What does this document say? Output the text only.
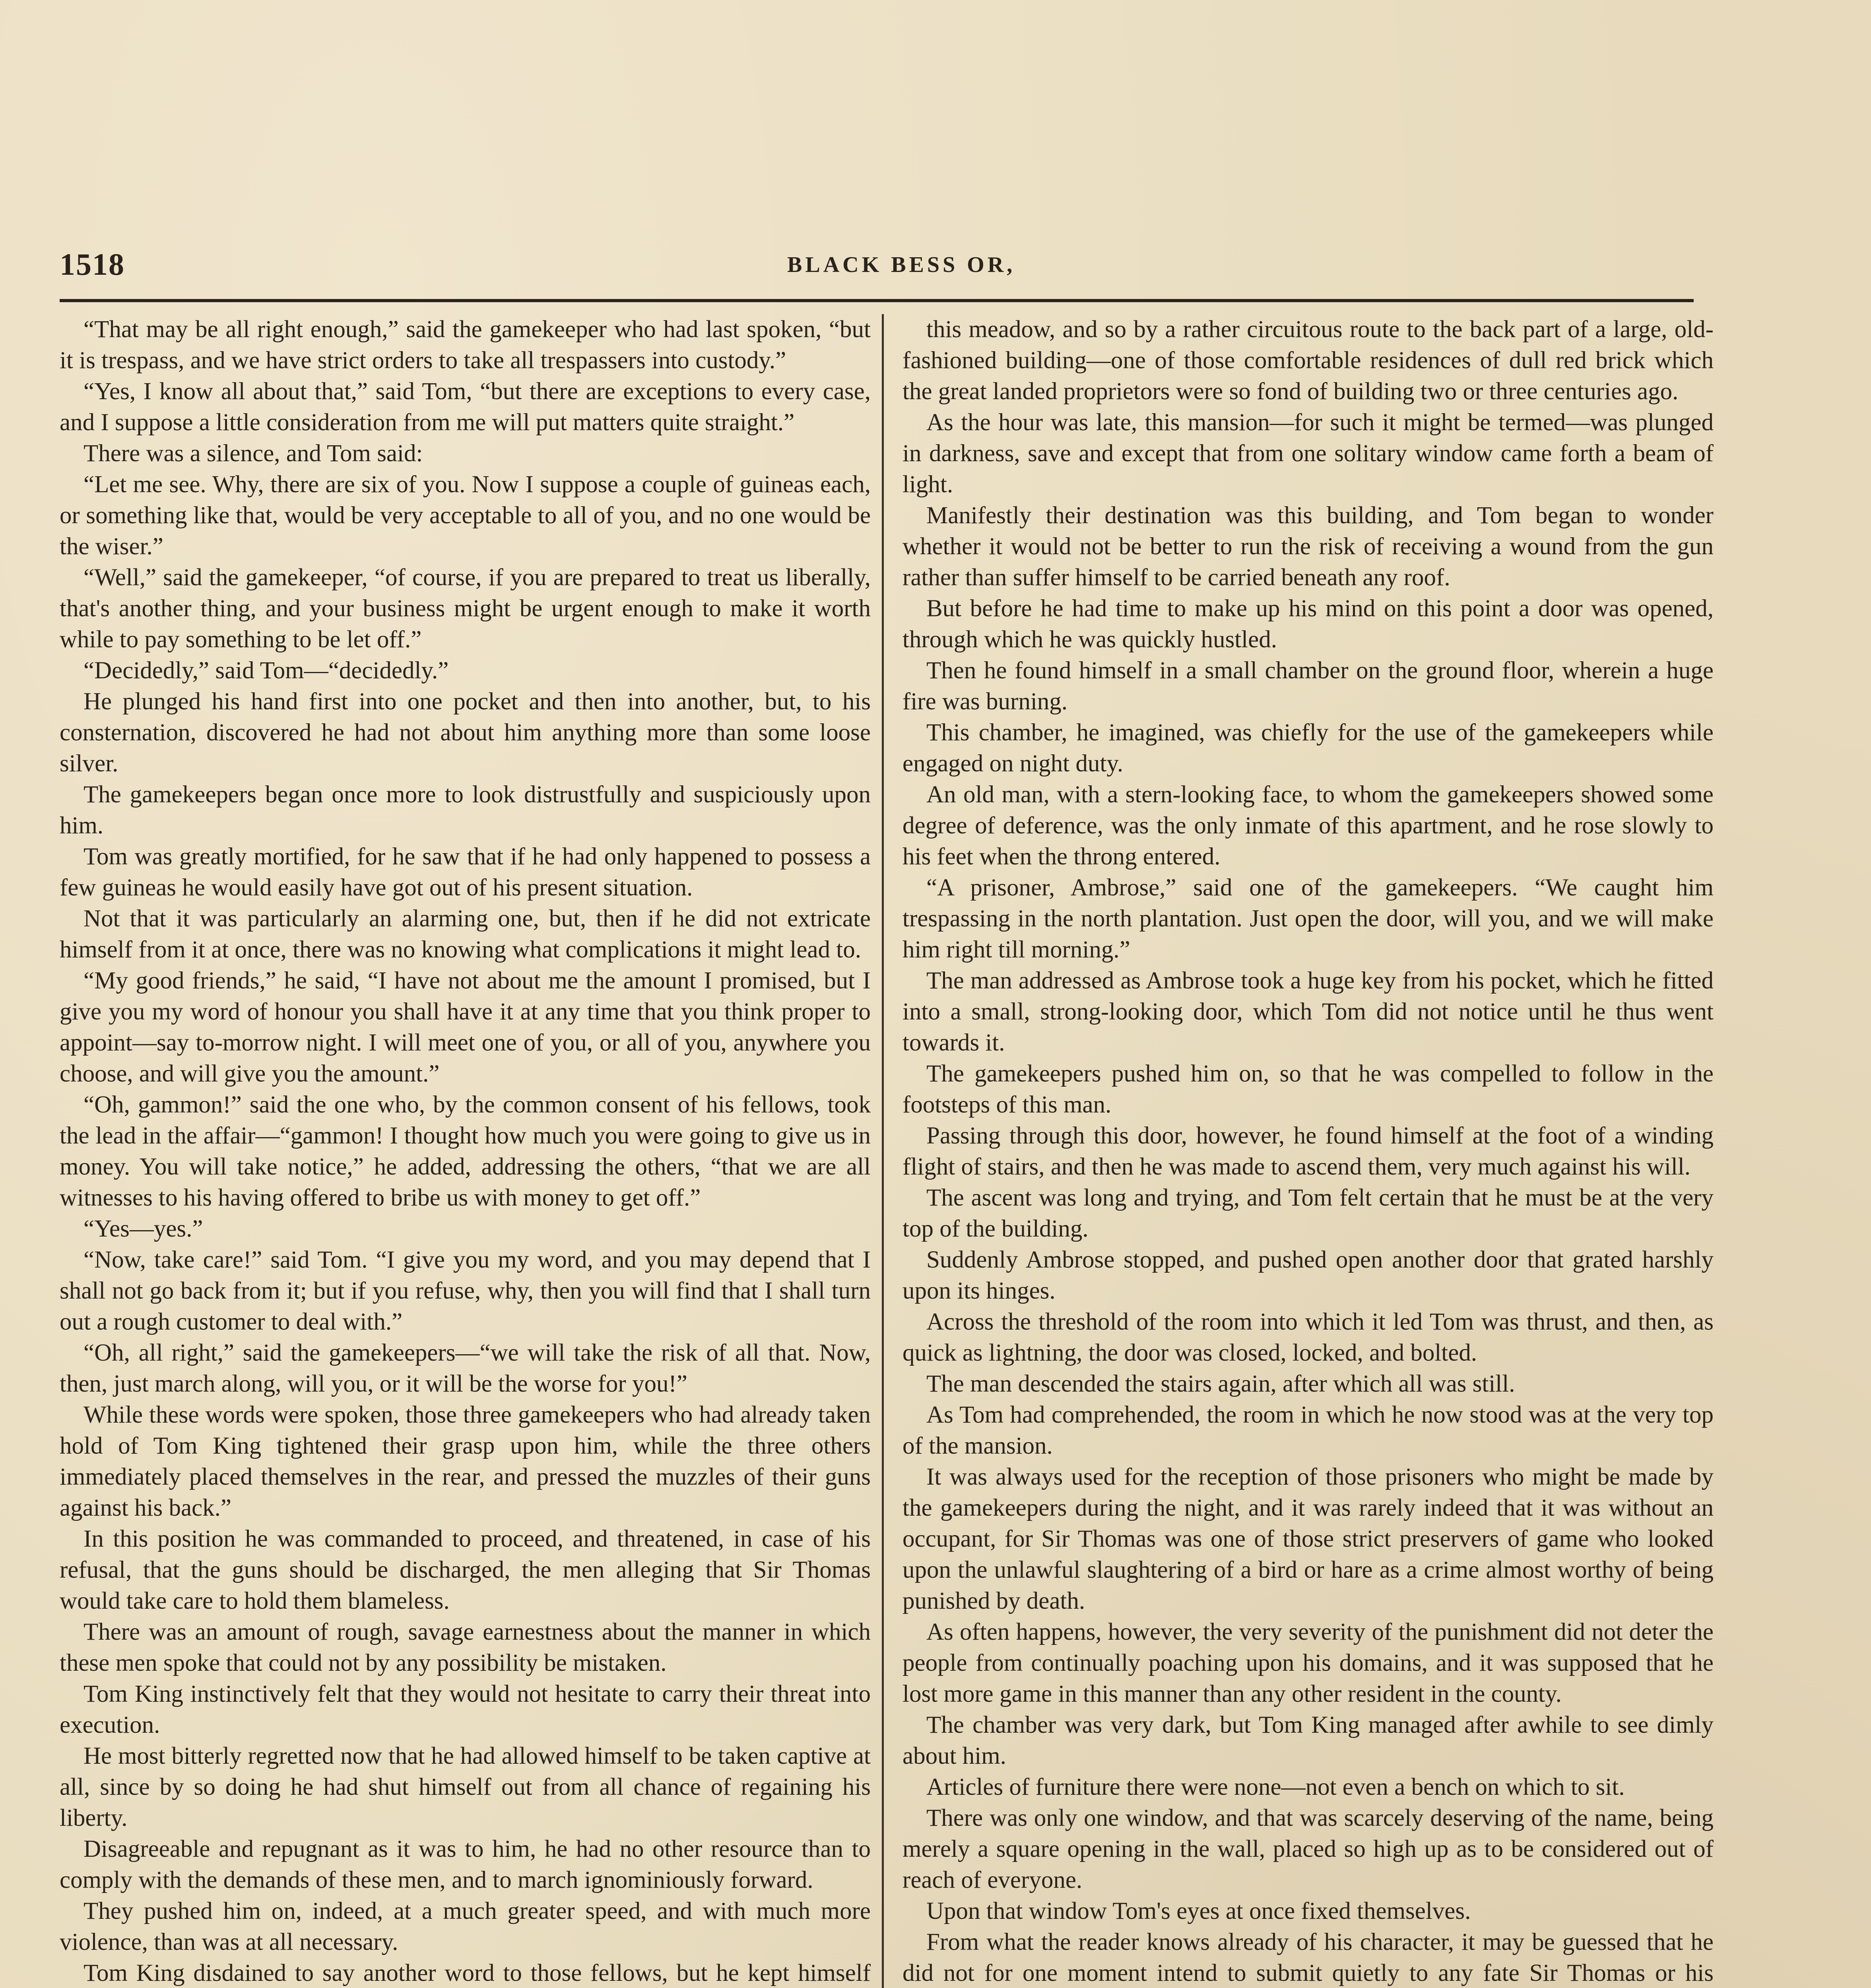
1518	BLACK BESS OR,

“That may be all right enough,” said the gamekeeper who had last spoken, “but it is trespass, and we have strict orders to take all trespassers into custody.”

“Yes, I know all about that,” said Tom, “but there are exceptions to every case, and I suppose a little consideration from me will put matters quite straight.”

There was a silence, and Tom said:

“Let me see. Why, there are six of you. Now I suppose a couple of guineas each, or something like that, would be very acceptable to all of you, and no one would be the wiser.”

“Well,” said the gamekeeper, “of course, if you are prepared to treat us liberally, that's another thing, and your business might be urgent enough to make it worth while to pay something to be let off.”

“Decidedly,” said Tom—“decidedly.”

He plunged his hand first into one pocket and then into another, but, to his consternation, discovered he had not about him anything more than some loose silver.

The gamekeepers began once more to look distrustfully and suspiciously upon him.

Tom was greatly mortified, for he saw that if he had only happened to possess a few guineas he would easily have got out of his present situation.

Not that it was particularly an alarming one, but, then if he did not extricate himself from it at once, there was no knowing what complications it might lead to.

“My good friends,” he said, “I have not about me the amount I promised, but I give you my word of honour you shall have it at any time that you think proper to appoint—say to-morrow night. I will meet one of you, or all of you, anywhere you choose, and will give you the amount.”

“Oh, gammon!” said the one who, by the common consent of his fellows, took the lead in the affair—“gammon! I thought how much you were going to give us in money. You will take notice,” he added, addressing the others, “that we are all witnesses to his having offered to bribe us with money to get off.”

“Yes—yes.”

“Now, take care!” said Tom. “I give you my word, and you may depend that I shall not go back from it; but if you refuse, why, then you will find that I shall turn out a rough customer to deal with.”

“Oh, all right,” said the gamekeepers—“we will take the risk of all that. Now, then, just march along, will you, or it will be the worse for you!”

While these words were spoken, those three gamekeepers who had already taken hold of Tom King tightened their grasp upon him, while the three others immediately placed themselves in the rear, and pressed the muzzles of their guns against his back.”

In this position he was commanded to proceed, and threatened, in case of his refusal, that the guns should be discharged, the men alleging that Sir Thomas would take care to hold them blameless.

There was an amount of rough, savage earnestness about the manner in which these men spoke that could not by any possibility be mistaken.

Tom King instinctively felt that they would not hesitate to carry their threat into execution.

He most bitterly regretted now that he had allowed himself to be taken captive at all, since by so doing he had shut himself out from all chance of regaining his liberty.

Disagreeable and repugnant as it was to him, he had no other resource than to comply with the demands of these men, and to march ignominiously forward.

They pushed him on, indeed, at a much greater speed, and with much more violence, than was at all necessary.

Tom King disdained to say another word to those fellows, but he kept himself

this meadow, and so by a rather circuitous route to the back part of a large, old-fashioned building—one of those comfortable residences of dull red brick which the great landed proprietors were so fond of building two or three centuries ago.

As the hour was late, this mansion—for such it might be termed—was plunged in darkness, save and except that from one solitary window came forth a beam of light.

Manifestly their destination was this building, and Tom began to wonder whether it would not be better to run the risk of receiving a wound from the gun rather than suffer himself to be carried beneath any roof.

But before he had time to make up his mind on this point a door was opened, through which he was quickly hustled.

Then he found himself in a small chamber on the ground floor, wherein a huge fire was burning.

This chamber, he imagined, was chiefly for the use of the gamekeepers while engaged on night duty.

An old man, with a stern-looking face, to whom the gamekeepers showed some degree of deference, was the only inmate of this apartment, and he rose slowly to his feet when the throng entered.

“A prisoner, Ambrose,” said one of the gamekeepers. “We caught him trespassing in the north plantation. Just open the door, will you, and we will make him right till morning.”

The man addressed as Ambrose took a huge key from his pocket, which he fitted into a small, strong-looking door, which Tom did not notice until he thus went towards it.

The gamekeepers pushed him on, so that he was compelled to follow in the footsteps of this man.

Passing through this door, however, he found himself at the foot of a winding flight of stairs, and then he was made to ascend them, very much against his will.

The ascent was long and trying, and Tom felt certain that he must be at the very top of the building.

Suddenly Ambrose stopped, and pushed open another door that grated harshly upon its hinges.

Across the threshold of the room into which it led Tom was thrust, and then, as quick as lightning, the door was closed, locked, and bolted.

The man descended the stairs again, after which all was still.

As Tom had comprehended, the room in which he now stood was at the very top of the mansion.

It was always used for the reception of those prisoners who might be made by the gamekeepers during the night, and it was rarely indeed that it was without an occupant, for Sir Thomas was one of those strict preservers of game who looked upon the unlawful slaughtering of a bird or hare as a crime almost worthy of being punished by death.

As often happens, however, the very severity of the punishment did not deter the people from continually poaching upon his domains, and it was supposed that he lost more game in this manner than any other resident in the county.

The chamber was very dark, but Tom King managed after awhile to see dimly about him.

Articles of furniture there were none—not even a bench on which to sit.

There was only one window, and that was scarcely deserving of the name, being merely a square opening in the wall, placed so high up as to be considered out of reach of everyone.

Upon that window Tom's eyes at once fixed themselves.

From what the reader knows already of his character, it may be guessed that he did not for one moment intend to submit quietly to any fate Sir Thomas or his
